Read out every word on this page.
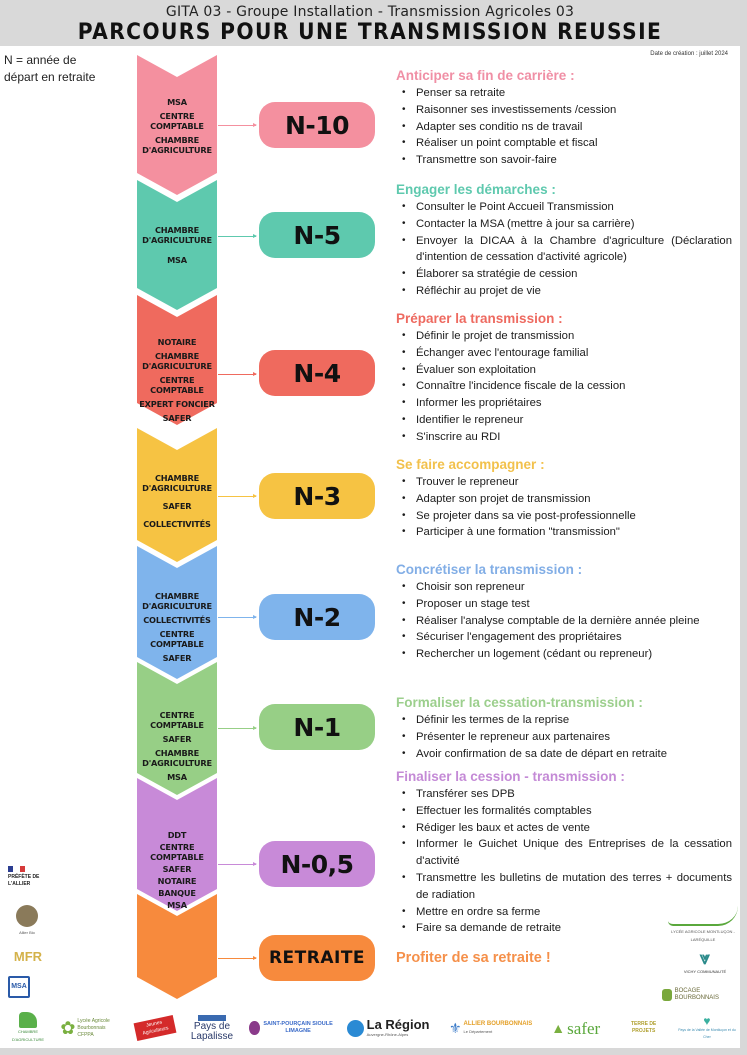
GITA 03 - Groupe Installation - Transmission Agricoles 03
PARCOURS POUR UNE TRANSMISSION REUSSIE
Date de création : juillet 2024
N = année de
départ en retraite
MSA
CENTRE COMPTABLE
CHAMBRE D'AGRICULTURE
CHAMBRE D'AGRICULTURE
MSA
NOTAIRE
CHAMBRE D'AGRICULTURE
CENTRE COMPTABLE
EXPERT FONCIER
SAFER
CHAMBRE D'AGRICULTURE
SAFER
COLLECTIVITÉS
CHAMBRE D'AGRICULTURE
COLLECTIVITÉS
CENTRE COMPTABLE
SAFER
CENTRE COMPTABLE
SAFER
CHAMBRE D'AGRICULTURE
MSA
DDT
CENTRE COMPTABLE
SAFER
NOTAIRE
BANQUE
MSA
N-10
N-5
N-4
N-3
N-2
N-1
N-0,5
RETRAITE
Anticiper sa fin de carrière :
• Penser sa retraite
• Raisonner ses investissements /cession
• Adapter ses conditio ns de travail
• Réaliser un point comptable et fiscal
• Transmettre son savoir-faire
Engager les démarches :
• Consulter le Point Accueil Transmission
• Contacter la MSA (mettre à jour sa carrière)
• Envoyer la DICAA à la Chambre d'agriculture (Déclaration d'intention de cessation d'activité agricole)
• Élaborer sa stratégie de cession
• Réfléchir au projet de vie
Préparer la transmission :
• Définir le projet de transmission
• Échanger avec l'entourage familial
• Évaluer son exploitation
• Connaître l'incidence fiscale de la cession
• Informer les propriétaires
• Identifier le repreneur
• S'inscrire au RDI
Se faire accompagner :
• Trouver le repreneur
• Adapter son projet de transmission
• Se projeter dans sa vie post-professionnelle
• Participer à une formation "transmission"
Concrétiser la transmission :
• Choisir son repreneur
• Proposer un stage test
• Réaliser l'analyse comptable de la dernière année pleine
• Sécuriser l'engagement des propriétaires
• Rechercher un logement (cédant ou repreneur)
Formaliser la cessation-transmission :
• Définir les termes de la reprise
• Présenter le repreneur aux partenaires
• Avoir confirmation de sa date de départ en retraite
Finaliser la cession - transmission :
• Transférer ses DPB
• Effectuer les formalités comptables
• Rédiger les baux et actes de vente
• Informer le Guichet Unique des Entreprises de la cessation d'activité
• Transmettre les bulletins de mutation des terres + documents de radiation
• Mettre en ordre sa ferme
• Faire sa demande de retraite
Profiter de sa retraite !
PRÉFÈTE DE L'ALLIER
Allier Bio
MFR
MSA
LYCÉE AGRICOLE MONTLUÇON - LARÉQUILLE
⩔
VICHY COMMUNAUTÉ
BOCAGE BOURBONNAIS
CHAMBRE D'AGRICULTURE
✿ Lycée Agricole Bourbonnais CFPPA
Jeunes Agriculteurs	Pays de Lapalisse
SAINT-POURÇAIN SIOULE LIMAGNE	La Région
Auvergne-Rhône-Alpes	⚜ ALLIER BOURBONNAIS
Le Département	▲ safer	TERRE DE PROJETS
♥
Pays de la Vallée de Montluçon et du Cher
